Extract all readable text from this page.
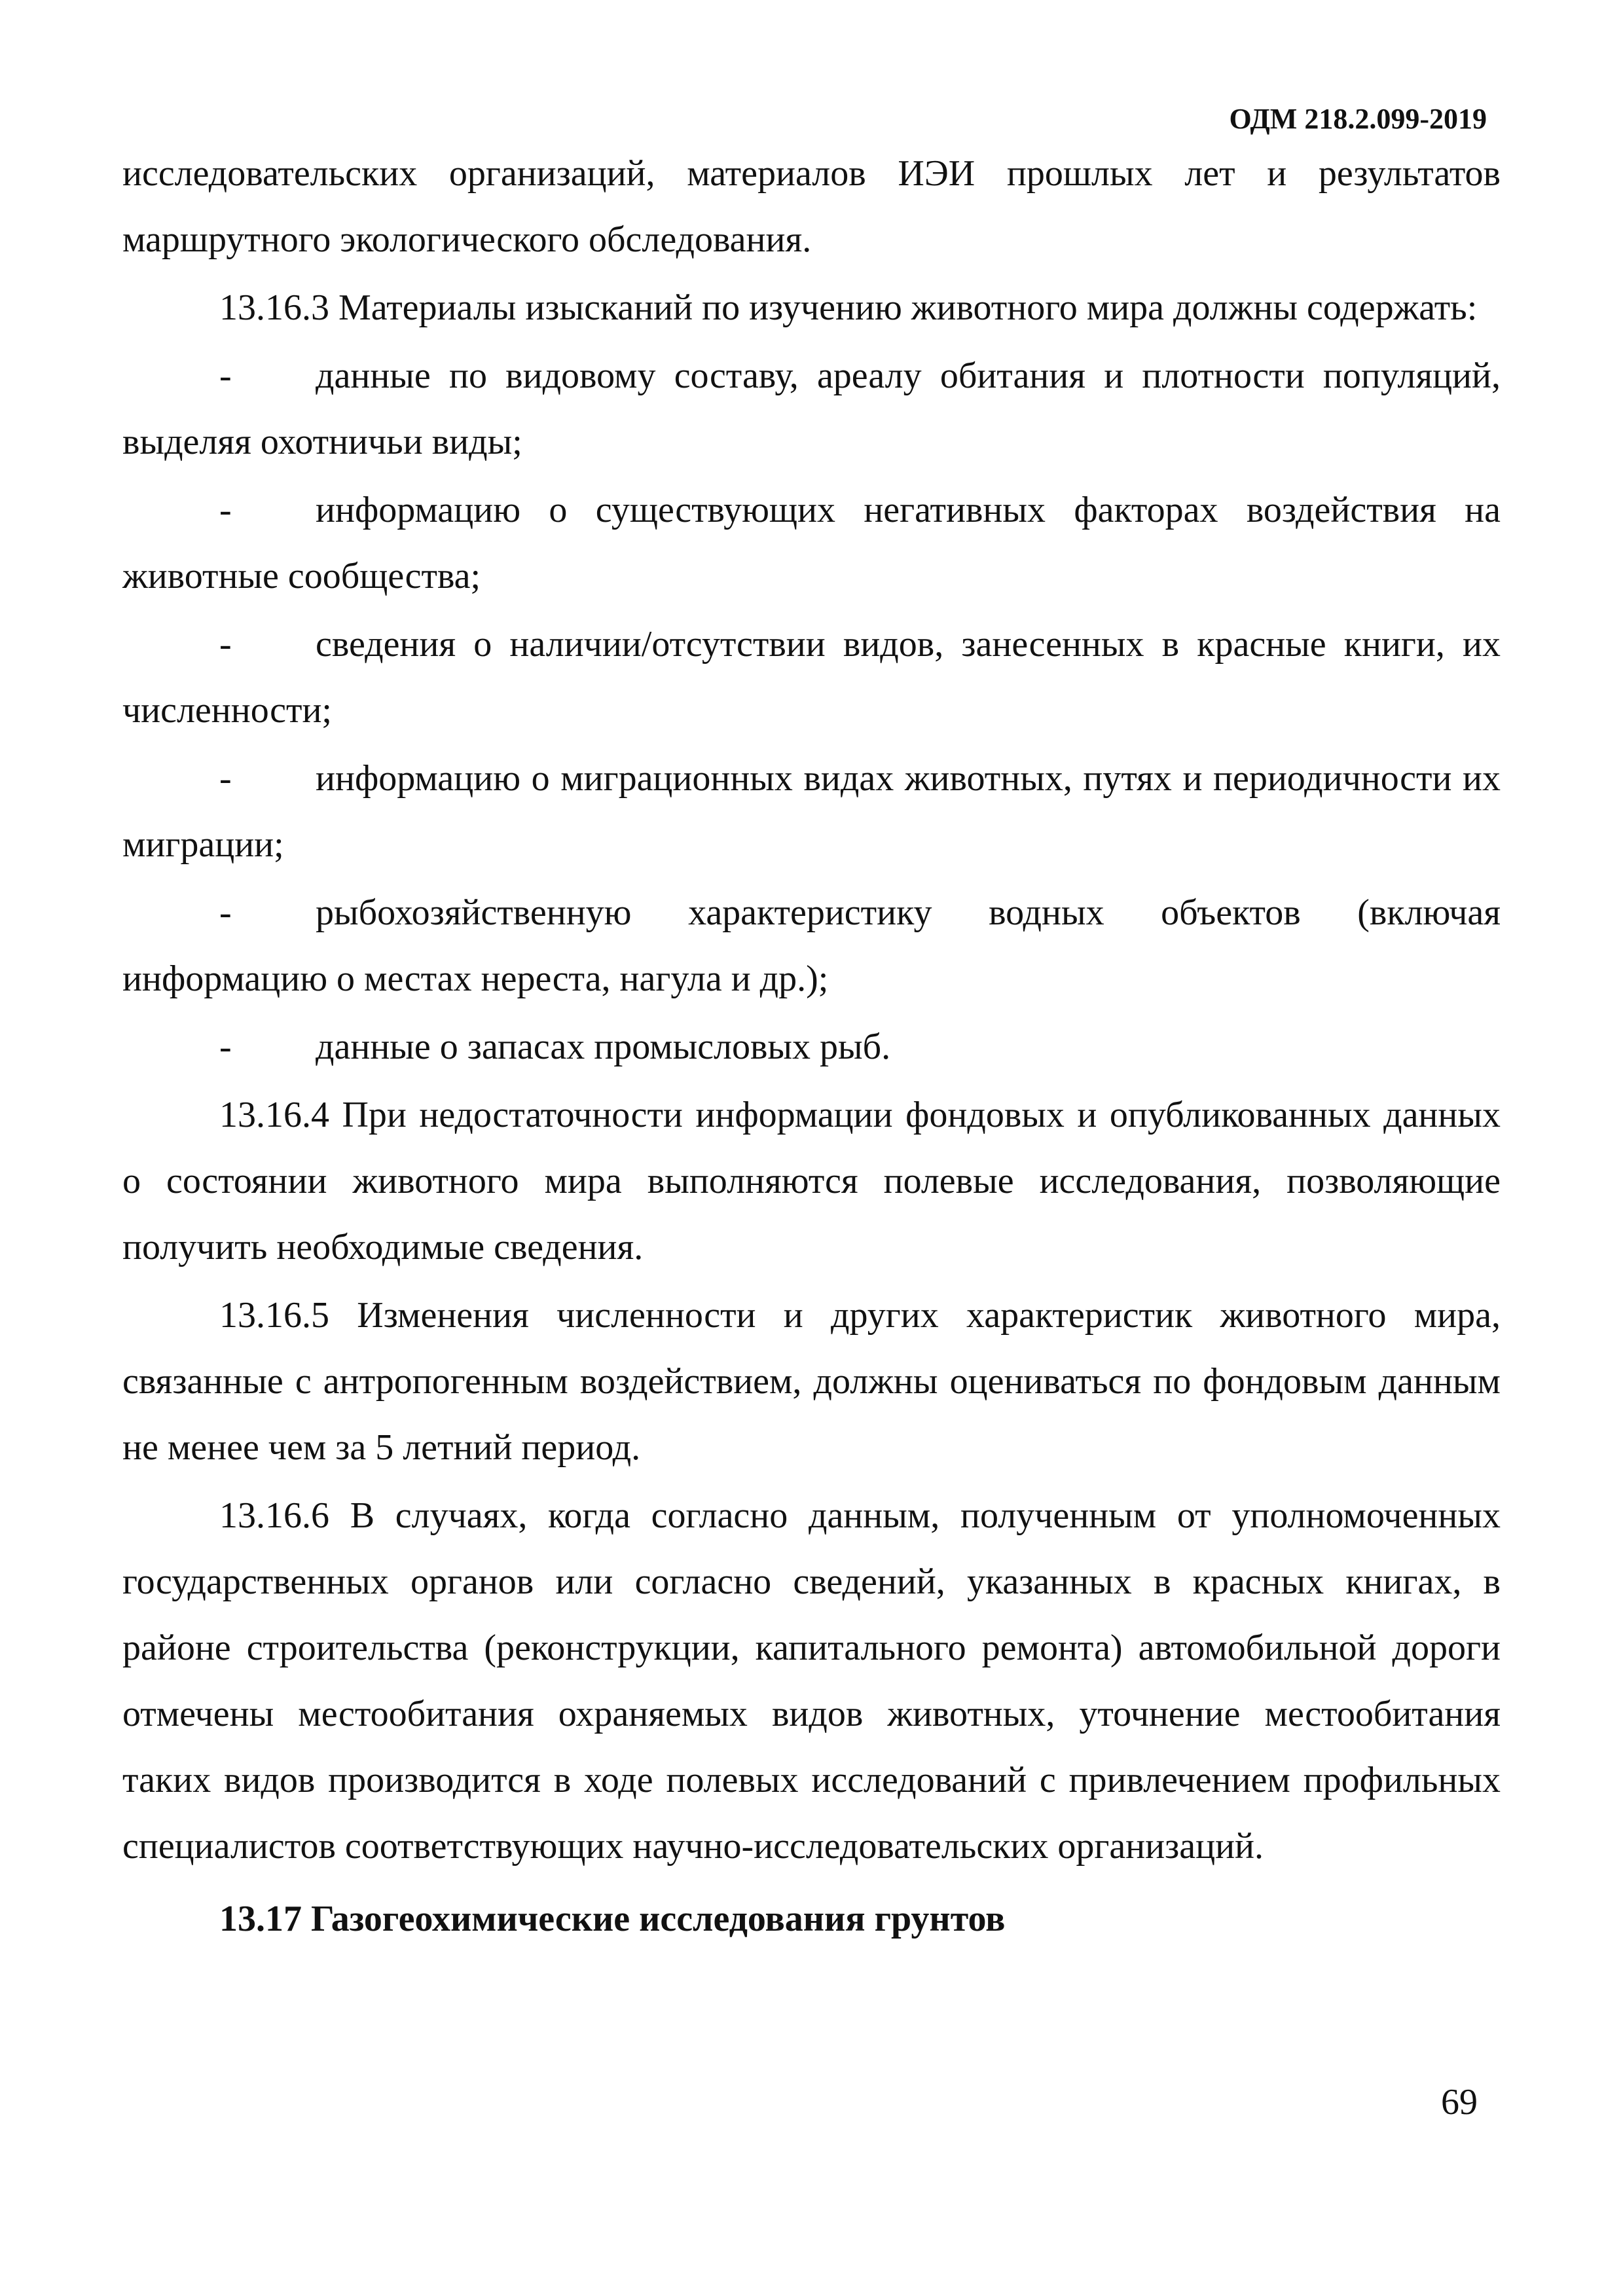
ОДМ 218.2.099-2019

исследовательских организаций, материалов ИЭИ прошлых лет и результатов маршрутного экологического обследования.

13.16.3 Материалы изысканий по изучению животного мира должны содержать:

- данные по видовому составу, ареалу обитания и плотности популяций, выделяя охотничьи виды;

- информацию о существующих негативных факторах воздействия на животные сообщества;

- сведения о наличии/отсутствии видов, занесенных в красные книги, их численности;

- информацию о миграционных видах животных, путях и периодичности их миграции;

- рыбохозяйственную характеристику водных объектов (включая информацию о местах нереста, нагула и др.);

- данные о запасах промысловых рыб.

13.16.4 При недостаточности информации фондовых и опубликованных данных о состоянии животного мира выполняются полевые исследования, позволяющие получить необходимые сведения.

13.16.5 Изменения численности и других характеристик животного мира, связанные с антропогенным воздействием, должны оцениваться по фондовым данным не менее чем за 5 летний период.

13.16.6 В случаях, когда согласно данным, полученным от уполномоченных государственных органов или согласно сведений, указанных в красных книгах, в районе строительства (реконструкции, капитального ремонта) автомобильной дороги отмечены местообитания охраняемых видов животных, уточнение местообитания таких видов производится в ходе полевых исследований с привлечением профильных специалистов соответствующих научно-исследовательских организаций.

13.17 Газогеохимические исследования грунтов

69
